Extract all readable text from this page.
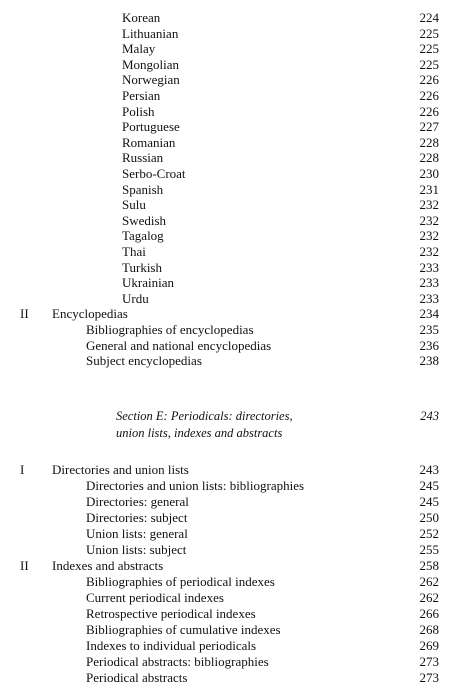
Korean	224
Lithuanian	225
Malay	225
Mongolian	225
Norwegian	226
Persian	226
Polish	226
Portuguese	227
Romanian	228
Russian	228
Serbo-Croat	230
Spanish	231
Sulu	232
Swedish	232
Tagalog	232
Thai	232
Turkish	233
Ukrainian	233
Urdu	233
II Encyclopedias	234
Bibliographies of encyclopedias	235
General and national encyclopedias	236
Subject encyclopedias	238
Section E: Periodicals: directories,
union lists, indexes and abstracts
243
I Directories and union lists	243
Directories and union lists: bibliographies	245
Directories: general	245
Directories: subject	250
Union lists: general	252
Union lists: subject	255
II Indexes and abstracts	258
Bibliographies of periodical indexes	262
Current periodical indexes	262
Retrospective periodical indexes	266
Bibliographies of cumulative indexes	268
Indexes to individual periodicals	269
Periodical abstracts: bibliographies	273
Periodical abstracts	273
